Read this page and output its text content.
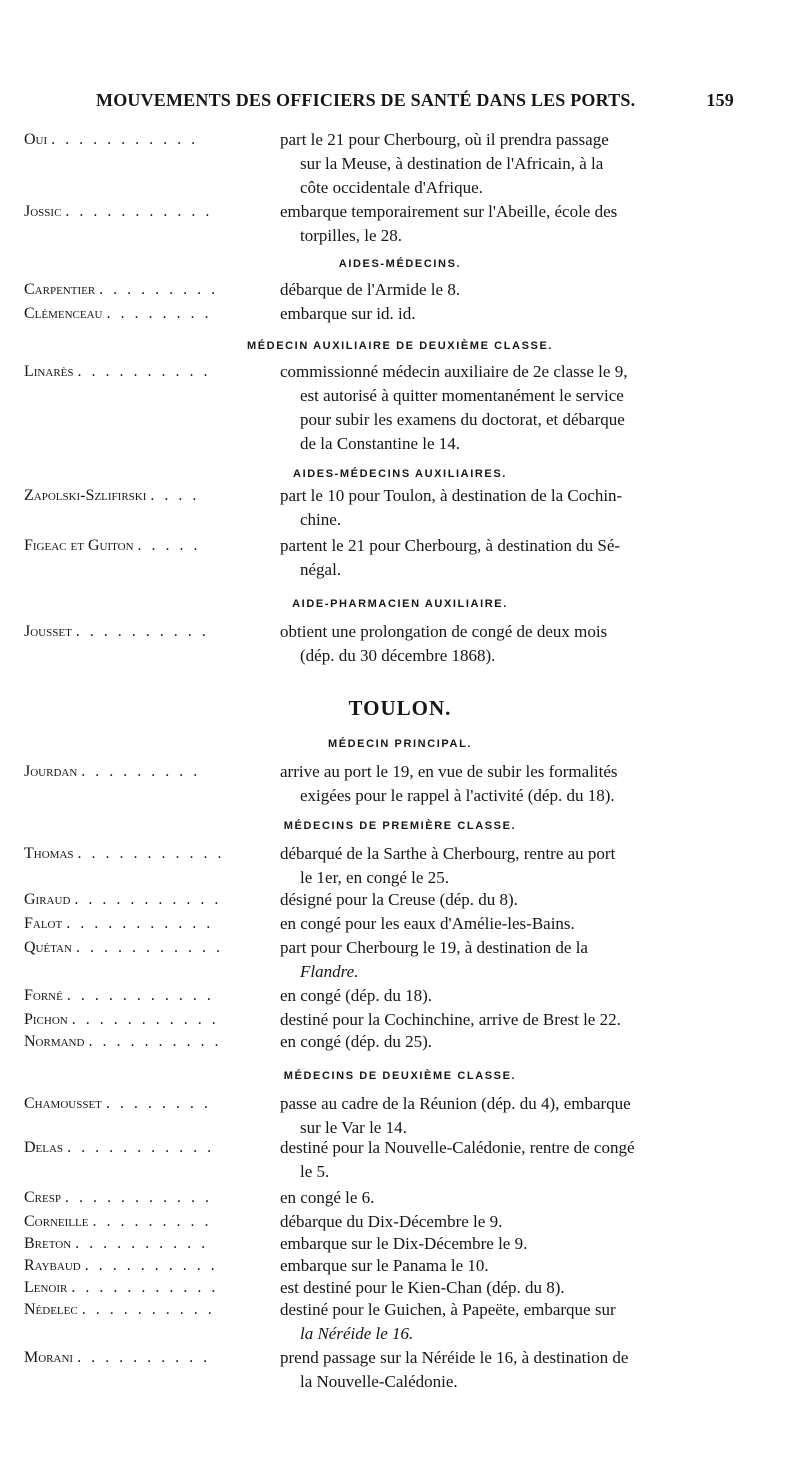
MOUVEMENTS DES OFFICIERS DE SANTÉ DANS LES PORTS.	159
Oui . . . . . . . . . . .	part le 21 pour Cherbourg, où il prendra passage
sur la Meuse, à destination de l'Africain, à la
côte occidentale d'Afrique.
Jossic . . . . . . . . . . .	embarque temporairement sur l'Abeille, école des
torpilles, le 28.
AIDES-MÉDECINS.
Carpentier . . . . . . . . .	débarque de l'Armide le 8.
Clémenceau . . . . . . . .	embarque sur id. id.
MÉDECIN AUXILIAIRE DE DEUXIÈME CLASSE.
Linarès . . . . . . . . . .	commissionné médecin auxiliaire de 2e classe le 9,
est autorisé à quitter momentanément le service
pour subir les examens du doctorat, et débarque
de la Constantine le 14.
AIDES-MÉDECINS AUXILIAIRES.
Zapolski-Szlifirski . . . .	part le 10 pour Toulon, à destination de la Cochin-
chine.
Figeac et Guiton . . . . .	partent le 21 pour Cherbourg, à destination du Sé-
négal.
AIDE-PHARMACIEN AUXILIAIRE.
Jousset . . . . . . . . . .	obtient une prolongation de congé de deux mois
(dép. du 30 décembre 1868).
TOULON.
MÉDECIN PRINCIPAL.
Jourdan . . . . . . . . .	arrive au port le 19, en vue de subir les formalités
exigées pour le rappel à l'activité (dép. du 18).
MÉDECINS DE PREMIÈRE CLASSE.
Thomas . . . . . . . . . . .	débarqué de la Sarthe à Cherbourg, rentre au port
le 1er, en congé le 25.
Giraud . . . . . . . . . . .	désigné pour la Creuse (dép. du 8).
Falot . . . . . . . . . . .	en congé pour les eaux d'Amélie-les-Bains.
Quétan . . . . . . . . . . .	part pour Cherbourg le 19, à destination de la
Flandre.
Forné . . . . . . . . . . .	en congé (dép. du 18).
Pichon . . . . . . . . . . .	destiné pour la Cochinchine, arrive de Brest le 22.
Normand . . . . . . . . . .	en congé (dép. du 25).
MÉDECINS DE DEUXIÈME CLASSE.
Chamousset . . . . . . . .	passe au cadre de la Réunion (dép. du 4), embarque
sur le Var le 14.
Delas . . . . . . . . . . .	destiné pour la Nouvelle-Calédonie, rentre de congé
le 5.
Cresp . . . . . . . . . . .	en congé le 6.
Corneille . . . . . . . . .	débarque du Dix-Décembre le 9.
Breton . . . . . . . . . .	embarque sur le Dix-Décembre le 9.
Raybaud . . . . . . . . . .	embarque sur le Panama le 10.
Lenoir . . . . . . . . . . .	est destiné pour le Kien-Chan (dép. du 8).
Nédelec . . . . . . . . . .	destiné pour le Guichen, à Papeëte, embarque sur
la Néréide le 16.
Morani . . . . . . . . . .	prend passage sur la Néréide le 16, à destination de
la Nouvelle-Calédonie.
